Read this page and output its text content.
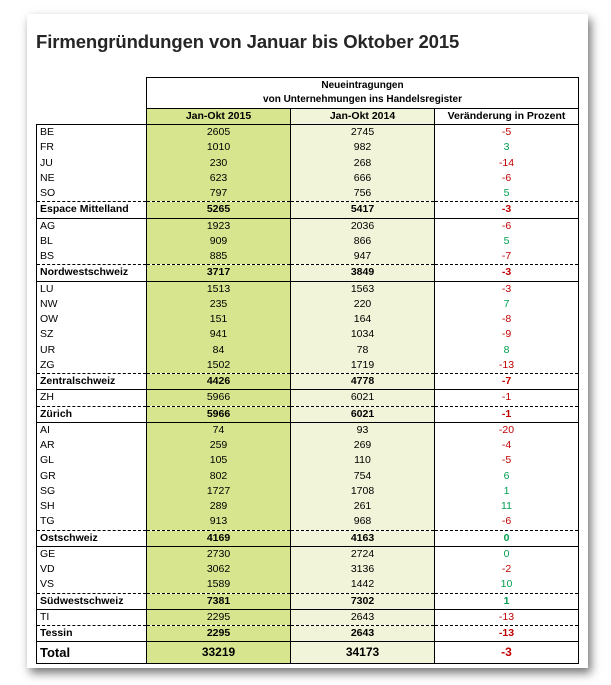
Firmengründungen von Januar bis Oktober 2015

	Neueintragungen
von Unternehmungen ins Handelsregister		

	Jan-Okt 2015	Jan-Okt 2014	Veränderung in Prozent
BE	2605	2745	-5
FR	1010	982	3
JU	230	268	-14
NE	623	666	-6
SO	797	756	5
Espace Mittelland	5265	5417	-3
AG	1923	2036	-6
BL	909	866	5
BS	885	947	-7
Nordwestschweiz	3717	3849	-3
LU	1513	1563	-3
NW	235	220	7
OW	151	164	-8
SZ	941	1034	-9
UR	84	78	8
ZG	1502	1719	-13
Zentralschweiz	4426	4778	-7
ZH	5966	6021	-1
Zürich	5966	6021	-1
AI	74	93	-20
AR	259	269	-4
GL	105	110	-5
GR	802	754	6
SG	1727	1708	1
SH	289	261	11
TG	913	968	-6
Ostschweiz	4169	4163	0
GE	2730	2724	0
VD	3062	3136	-2
VS	1589	1442	10
Südwestschweiz	7381	7302	1
TI	2295	2643	-13
Tessin	2295	2643	-13
Total	33219	34173	-3
